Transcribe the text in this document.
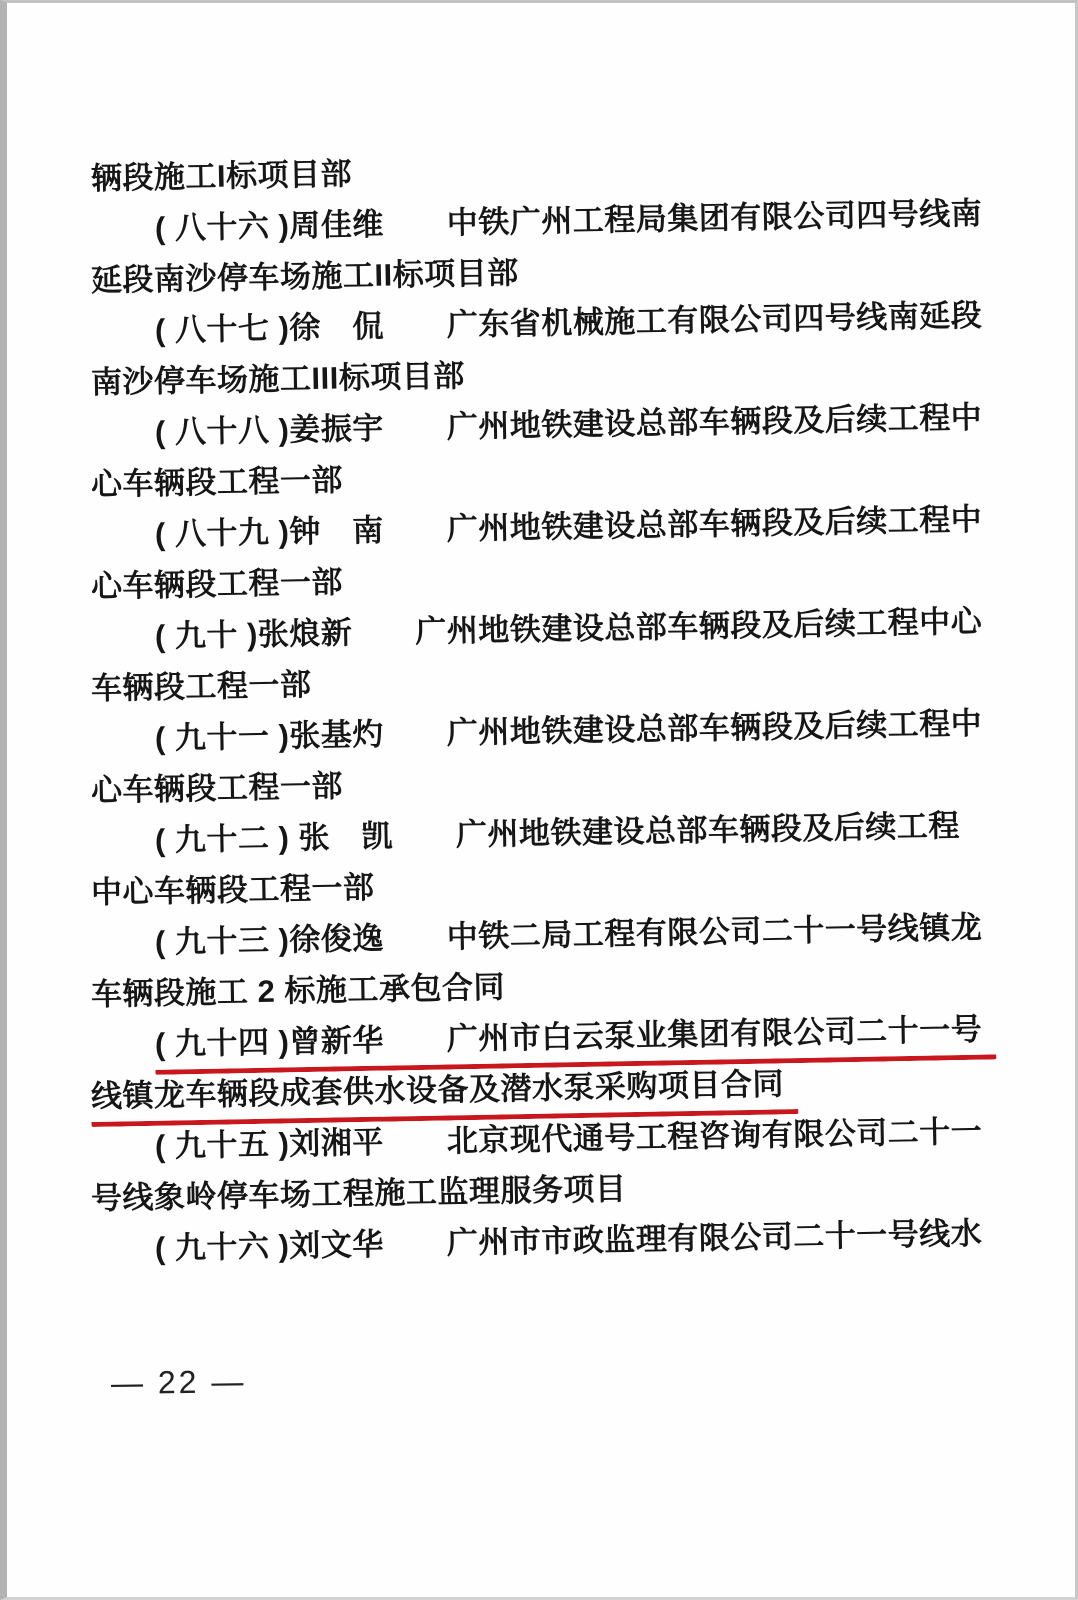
辆段施工I标项目部
( 八十六 )周佳维　　中铁广州工程局集团有限公司四号线南
延段南沙停车场施工II标项目部
( 八十七 )徐　侃　　广东省机械施工有限公司四号线南延段
南沙停车场施工III标项目部
( 八十八 )姜振宇　　广州地铁建设总部车辆段及后续工程中
心车辆段工程一部
( 八十九 )钟　南　　广州地铁建设总部车辆段及后续工程中
心车辆段工程一部
( 九十 )张烺新　　广州地铁建设总部车辆段及后续工程中心
车辆段工程一部
( 九十一 )张基灼　　广州地铁建设总部车辆段及后续工程中
心车辆段工程一部
( 九十二 ) 张　凯　　广州地铁建设总部车辆段及后续工程
中心车辆段工程一部
( 九十三 )徐俊逸　　中铁二局工程有限公司二十一号线镇龙
车辆段施工 2 标施工承包合同
( 九十四 )曾新华　　广州市白云泵业集团有限公司二十一号
线镇龙车辆段成套供水设备及潜水泵采购项目合同
( 九十五 )刘湘平　　北京现代通号工程咨询有限公司二十一
号线象岭停车场工程施工监理服务项目
( 九十六 )刘文华　　广州市市政监理有限公司二十一号线水
— 22 —
